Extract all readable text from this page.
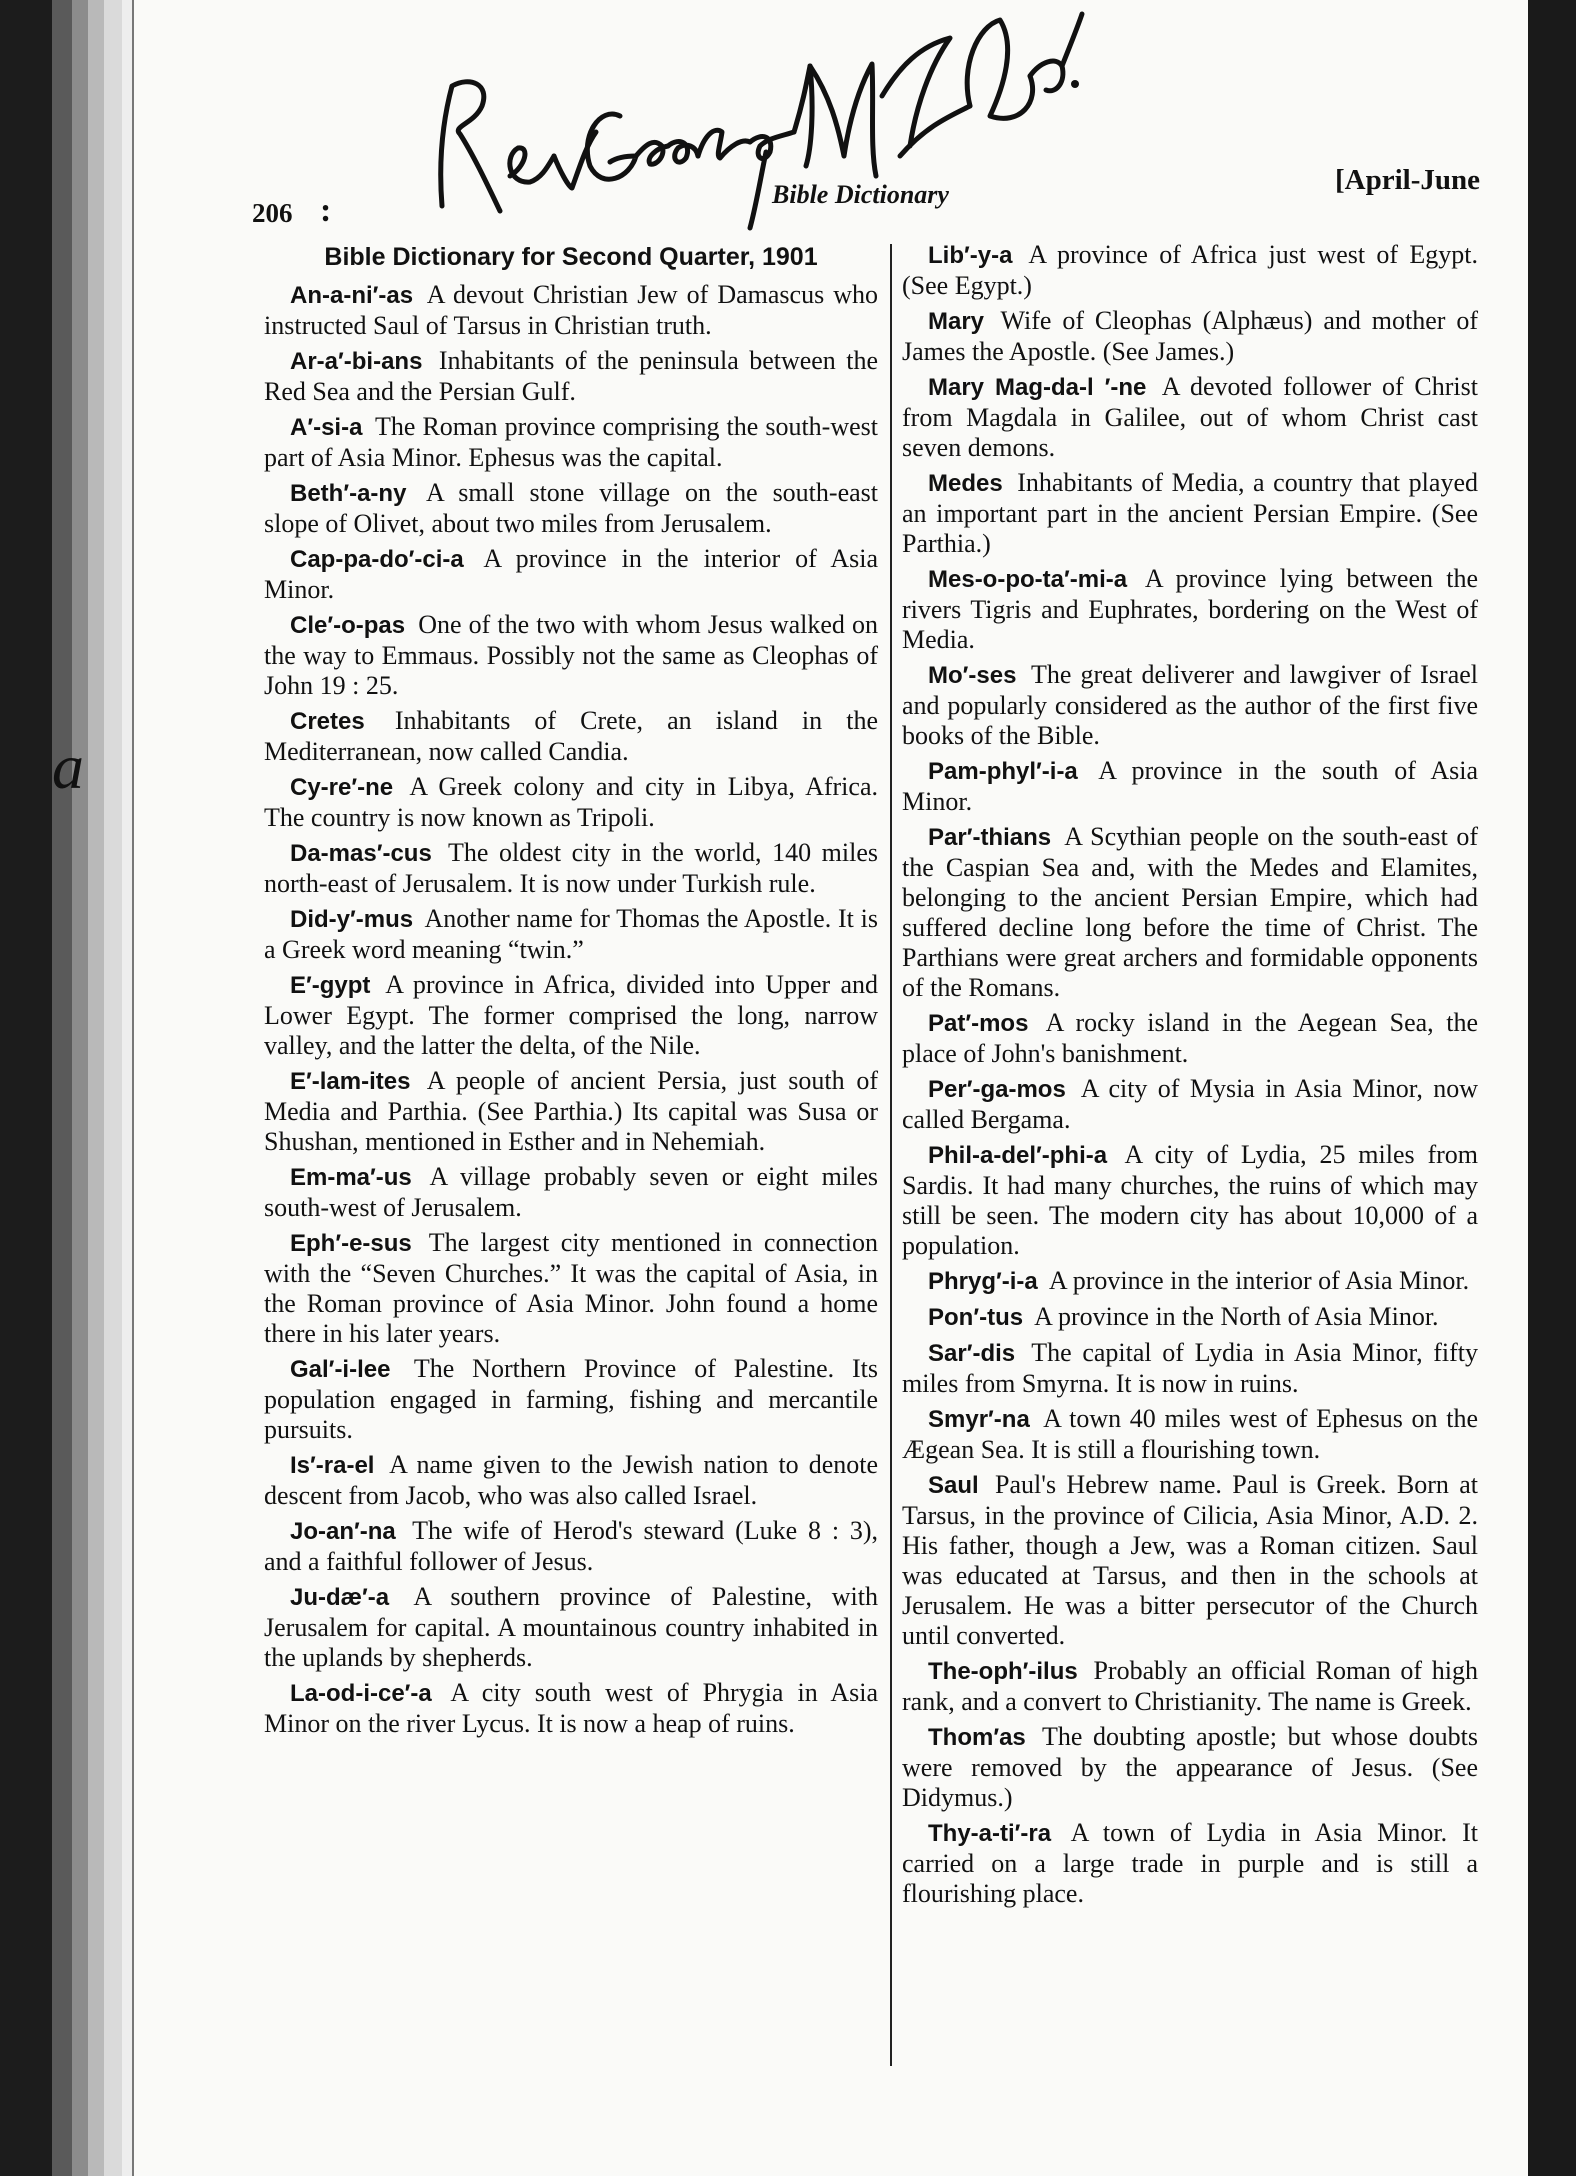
a
206 :	Bible Dictionary	[April-June
Bible Dictionary for Second Quarter, 1901

An-a-ni′-as A devout Christian Jew of Damascus who instructed Saul of Tarsus in Christian truth.

Ar-a′-bi-ans Inhabitants of the peninsula between the Red Sea and the Persian Gulf.

A′-si-a The Roman province comprising the south-west part of Asia Minor. Ephesus was the capital.

Beth′-a-ny A small stone village on the south-east slope of Olivet, about two miles from Jerusalem.

Cap-pa-do′-ci-a A province in the interior of Asia Minor.

Cle′-o-pas One of the two with whom Jesus walked on the way to Emmaus. Possibly not the same as Cleophas of John 19 : 25.

Cretes Inhabitants of Crete, an island in the Mediterranean, now called Candia.

Cy-re′-ne A Greek colony and city in Libya, Africa. The country is now known as Tripoli.

Da-mas′-cus The oldest city in the world, 140 miles north-east of Jerusalem. It is now under Turkish rule.

Did-y′-mus Another name for Thomas the Apostle. It is a Greek word meaning “twin.”

E′-gypt A province in Africa, divided into Upper and Lower Egypt. The former comprised the long, narrow valley, and the latter the delta, of the Nile.

E′-lam-ites A people of ancient Persia, just south of Media and Parthia. (See Parthia.) Its capital was Susa or Shushan, mentioned in Esther and in Nehemiah.

Em-ma′-us A village probably seven or eight miles south-west of Jerusalem.

Eph′-e-sus The largest city mentioned in connection with the “Seven Churches.” It was the capital of Asia, in the Roman province of Asia Minor. John found a home there in his later years.

Gal′-i-lee The Northern Province of Palestine. Its population engaged in farming, fishing and mercantile pursuits.

Is′-ra-el A name given to the Jewish nation to denote descent from Jacob, who was also called Israel.

Jo-an′-na The wife of Herod's steward (Luke 8 : 3), and a faithful follower of Jesus.

Ju-dæ′-a A southern province of Palestine, with Jerusalem for capital. A mountainous country inhabited in the uplands by shepherds.

La-od-i-ce′-a A city south west of Phrygia in Asia Minor on the river Lycus. It is now a heap of ruins.

Lib′-y-a A province of Africa just west of Egypt. (See Egypt.)

Mary Wife of Cleophas (Alphæus) and mother of James the Apostle. (See James.)

Mary Mag-da-l ′-ne A devoted follower of Christ from Magdala in Galilee, out of whom Christ cast seven demons.

Medes Inhabitants of Media, a country that played an important part in the ancient Persian Empire. (See Parthia.)

Mes-o-po-ta′-mi-a A province lying between the rivers Tigris and Euphrates, bordering on the West of Media.

Mo′-ses The great deliverer and lawgiver of Israel and popularly considered as the author of the first five books of the Bible.

Pam-phyl′-i-a A province in the south of Asia Minor.

Par′-thians A Scythian people on the south-east of the Caspian Sea and, with the Medes and Elamites, belonging to the ancient Persian Empire, which had suffered decline long before the time of Christ. The Parthians were great archers and formidable opponents of the Romans.

Pat′-mos A rocky island in the Aegean Sea, the place of John's banishment.

Per′-ga-mos A city of Mysia in Asia Minor, now called Bergama.

Phil-a-del′-phi-a A city of Lydia, 25 miles from Sardis. It had many churches, the ruins of which may still be seen. The modern city has about 10,000 of a population.

Phryg′-i-a A province in the interior of Asia Minor.

Pon′-tus A province in the North of Asia Minor.

Sar′-dis The capital of Lydia in Asia Minor, fifty miles from Smyrna. It is now in ruins.

Smyr′-na A town 40 miles west of Ephesus on the Ægean Sea. It is still a flourishing town.

Saul Paul's Hebrew name. Paul is Greek. Born at Tarsus, in the province of Cilicia, Asia Minor, A.D. 2. His father, though a Jew, was a Roman citizen. Saul was educated at Tarsus, and then in the schools at Jerusalem. He was a bitter persecutor of the Church until converted.

The-oph′-ilus Probably an official Roman of high rank, and a convert to Christianity. The name is Greek.

Thom′as The doubting apostle; but whose doubts were removed by the appearance of Jesus. (See Didymus.)

Thy-a-ti′-ra A town of Lydia in Asia Minor. It carried on a large trade in purple and is still a flourishing place.
